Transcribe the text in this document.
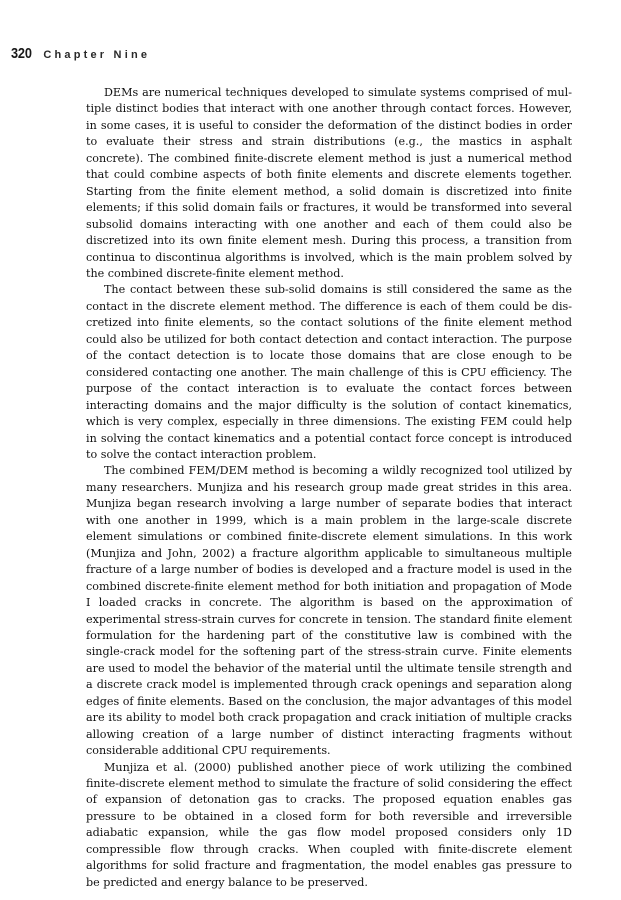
320 Chapter Nine

DEMs are numerical techniques developed to simulate systems comprised of multiple distinct bodies that interact with one another through contact forces. However, in some cases, it is useful to consider the deformation of the distinct bodies in order to evaluate their stress and strain distributions (e.g., the mastics in asphalt concrete). The combined finite-discrete element method is just a numerical method that could combine aspects of both finite elements and discrete elements together. Starting from the finite element method, a solid domain is discretized into finite elements; if this solid domain fails or fractures, it would be transformed into several subsolid domains interacting with one another and each of them could also be discretized into its own finite element mesh. During this process, a transition from continua to discontinua algorithms is involved, which is the main problem solved by the combined discrete-finite element method.

The contact between these sub-solid domains is still considered the same as the contact in the discrete element method. The difference is each of them could be discretized into finite elements, so the contact solutions of the finite element method could also be utilized for both contact detection and contact interaction. The purpose of the contact detection is to locate those domains that are close enough to be considered contacting one another. The main challenge of this is CPU efficiency. The purpose of the contact interaction is to evaluate the contact forces between interacting domains and the major difficulty is the solution of contact kinematics, which is very complex, especially in three dimensions. The existing FEM could help in solving the contact kinematics and a potential contact force concept is introduced to solve the contact interaction problem.

The combined FEM/DEM method is becoming a wildly recognized tool utilized by many researchers. Munjiza and his research group made great strides in this area. Munjiza began research involving a large number of separate bodies that interact with one another in 1999, which is a main problem in the large-scale discrete element simulations or combined finite-discrete element simulations. In this work (Munjiza and John, 2002) a fracture algorithm applicable to simultaneous multiple fracture of a large number of bodies is developed and a fracture model is used in the combined discrete-finite element method for both initiation and propagation of Mode I loaded cracks in concrete. The algorithm is based on the approximation of experimental stress-strain curves for concrete in tension. The standard finite element formulation for the hardening part of the constitutive law is combined with the single-crack model for the softening part of the stress-strain curve. Finite elements are used to model the behavior of the material until the ultimate tensile strength and a discrete crack model is implemented through crack openings and separation along edges of finite elements. Based on the conclusion, the major advantages of this model are its ability to model both crack propagation and crack initiation of multiple cracks allowing creation of a large number of distinct interacting fragments without considerable additional CPU requirements.

Munjiza et al. (2000) published another piece of work utilizing the combined finite-discrete element method to simulate the fracture of solid considering the effect of expansion of detonation gas to cracks. The proposed equation enables gas pressure to be obtained in a closed form for both reversible and irreversible adiabatic expansion, while the gas flow model proposed considers only 1D compressible flow through cracks. When coupled with finite-discrete element algorithms for solid fracture and fragmentation, the model enables gas pressure to be predicted and energy balance to be preserved.
